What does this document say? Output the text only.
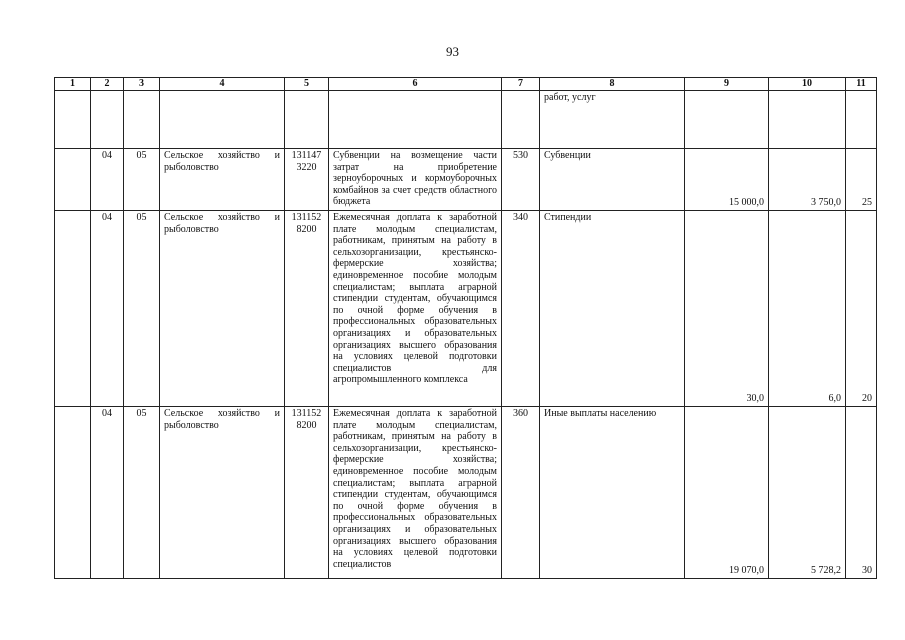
93
1	2	3	4	5	6	7	8	9	10	11
							работ, услуг			
	04	05	Сельское хозяйство и рыболовство	131147 3220	Субвенции на возмещение части затрат на приобретение зерноуборочных и кормоуборочных комбайнов за счет средств областного бюджета	530	Субвенции	15 000,0	3 750,0	25
	04	05	Сельское хозяйство и рыболовство	131152 8200	Ежемесячная доплата к заработной плате молодым специалистам, работникам, принятым на работу в сельхозорганизации, крестьянско-фермерские хозяйства; единовременное пособие молодым специалистам; выплата аграрной стипендии студентам, обучающимся по очной форме обучения в профессиональных образовательных организациях и образовательных организациях высшего образования на условиях целевой подготовки специалистов для агропромышленного комплекса	340	Стипендии	30,0	6,0	20
	04	05	Сельское хозяйство и рыболовство	131152 8200	Ежемесячная доплата к заработной плате молодым специалистам, работникам, принятым на работу в сельхозорганизации, крестьянско-фермерские хозяйства; единовременное пособие молодым специалистам; выплата аграрной стипендии студентам, обучающимся по очной форме обучения в профессиональных образовательных организациях и образовательных организациях высшего образования на условиях целевой подготовки специалистов	360	Иные выплаты населению	19 070,0	5 728,2	30
